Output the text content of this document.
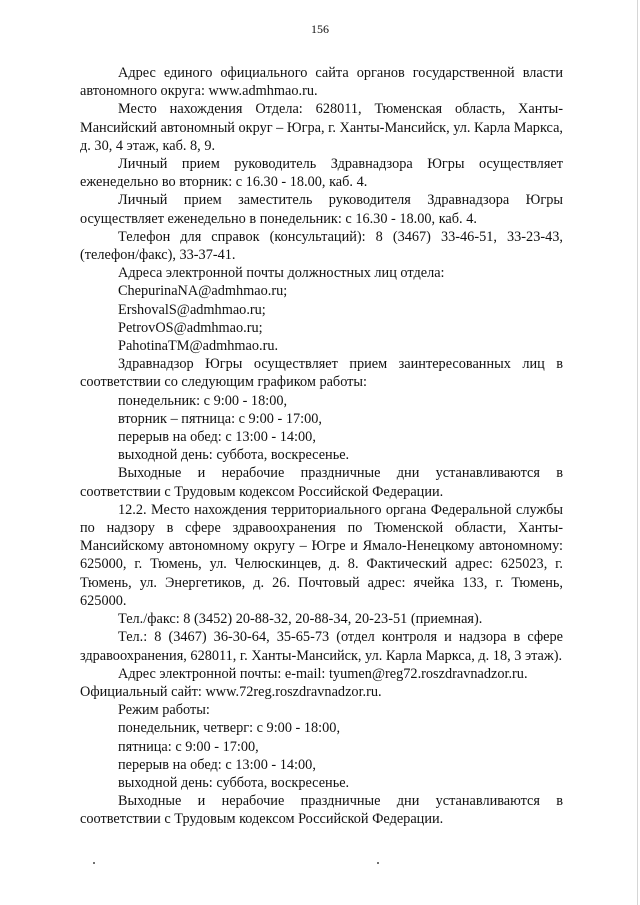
156

Адрес единого официального сайта органов государственной власти автономного округа: www.admhmao.ru.

Место нахождения Отдела: 628011, Тюменская область, Ханты-Мансийский автономный округ – Югра, г. Ханты-Мансийск, ул. Карла Маркса, д. 30, 4 этаж, каб. 8, 9.

Личный прием руководитель Здравнадзора Югры осуществляет еженедельно во вторник: с 16.30 - 18.00, каб. 4.

Личный прием заместитель руководителя Здравнадзора Югры осуществляет еженедельно в понедельник: с 16.30 - 18.00, каб. 4.

Телефон для справок (консультаций): 8 (3467) 33-46-51, 33-23-43, (телефон/факс), 33-37-41.

Адреса электронной почты должностных лиц отдела:

ChepurinaNA@admhmao.ru;

ErshovalS@admhmao.ru;

PetrovOS@admhmao.ru;

PahotinaTM@admhmao.ru.

Здравнадзор Югры осуществляет прием заинтересованных лиц в соответствии со следующим графиком работы:

понедельник: с 9:00 - 18:00,

вторник – пятница: с 9:00 - 17:00,

перерыв на обед: с 13:00 - 14:00,

выходной день: суббота, воскресенье.

Выходные и нерабочие праздничные дни устанавливаются в соответствии с Трудовым кодексом Российской Федерации.

12.2. Место нахождения территориального органа Федеральной службы по надзору в сфере здравоохранения по Тюменской области, Ханты-Мансийскому автономному округу – Югре и Ямало-Ненецкому автономному: 625000, г. Тюмень, ул. Челюскинцев, д. 8. Фактический адрес: 625023, г. Тюмень, ул. Энергетиков, д. 26. Почтовый адрес: ячейка 133, г. Тюмень, 625000.

Тел./факс: 8 (3452) 20-88-32, 20-88-34, 20-23-51 (приемная).

Тел.: 8 (3467) 36-30-64, 35-65-73 (отдел контроля и надзора в сфере здравоохранения, 628011, г. Ханты-Мансийск, ул. Карла Маркса, д. 18, 3 этаж).

Адрес электронной почты: e-mail: tyumen@reg72.roszdravnadzor.ru.

Официальный сайт: www.72reg.roszdravnadzor.ru.

Режим работы:

понедельник, четверг: с 9:00 - 18:00,

пятница: с 9:00 - 17:00,

перерыв на обед: с 13:00 - 14:00,

выходной день: суббота, воскресенье.

Выходные и нерабочие праздничные дни устанавливаются в соответствии с Трудовым кодексом Российской Федерации.
